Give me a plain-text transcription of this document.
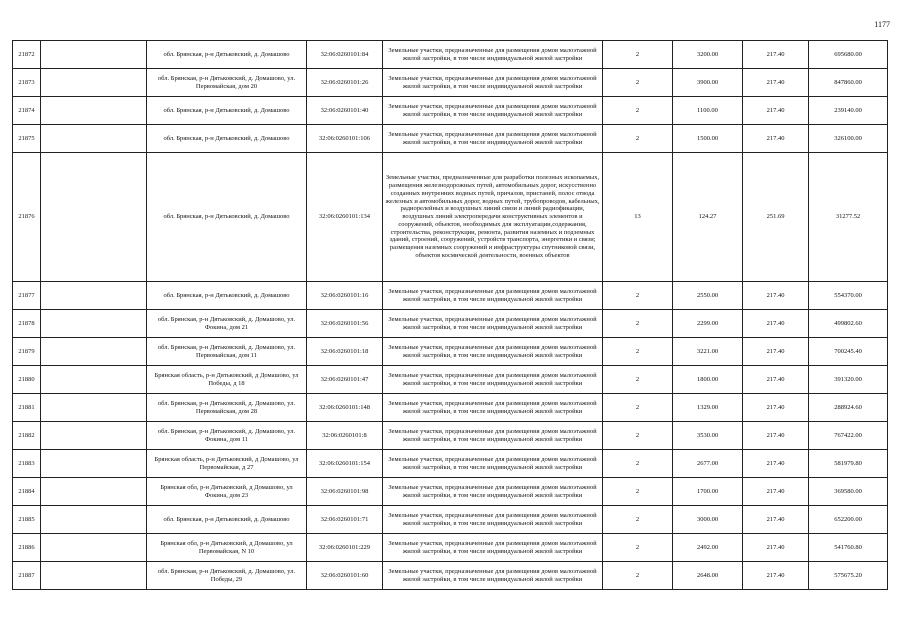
1177
21872		обл. Брянская, р-н Дятьковский, д. Домашово	32:06:0260101:84	Земельные участки, предназначенные для размещения домов малоэтажной жилой застройки, в том числе индивидуальной жилой застройки	2	3200.00	217.40	695680.00
21873		обл. Брянская, р-н Дятьковский, д. Домашово, ул. Первомайская, дом 20	32:06:0260101:26	Земельные участки, предназначенные для размещения домов малоэтажной жилой застройки, в том числе индивидуальной жилой застройки	2	3900.00	217.40	847860.00
21874		обл. Брянская, р-н Дятьковский, д. Домашово	32:06:0260101:40	Земельные участки, предназначенные для размещения домов малоэтажной жилой застройки, в том числе индивидуальной жилой застройки	2	1100.00	217.40	239140.00
21875		обл. Брянская, р-н Дятьковский, д. Домашово	32:06:0260101:106	Земельные участки, предназначенные для размещения домов малоэтажной жилой застройки, в том числе индивидуальной жилой застройки	2	1500.00	217.40	326100.00
21876		обл. Брянская, р-н Дятьковский, д. Домашово	32:06:0260101:134	Земельные участки, предназначенные для разработки полезных ископаемых, размещения железнодорожных путей, автомобильных дорог, искусственно созданных внутренних водных путей, причалов, пристаней, полос отвода железных и автомобильных дорог, водных путей, трубопроводов, кабельных, радиорелейных и воздушных линий связи и линий радиофикации, воздушных линий электропередачи конструктивных элементов и сооружений, объектов, необходимых для эксплуатации,содержания, строительства, реконструкции, ремонта, развития наземных и подземных зданий, строений, сооружений, устройств транспорта, энергетики и связи; размещения наземных сооружений и инфраструктуры спутниковой связи, объектов космической деятельности, военных объектов	13	124.27	251.69	31277.52
21877		обл. Брянская, р-н Дятьковский, д. Домашово	32:06:0260101:16	Земельные участки, предназначенные для размещения домов малоэтажной жилой застройки, в том числе индивидуальной жилой застройки	2	2550.00	217.40	554370.00
21878		обл. Брянская, р-н Дятьковский, д. Домашово, ул. Фокина, дом 21	32:06:0260101:56	Земельные участки, предназначенные для размещения домов малоэтажной жилой застройки, в том числе индивидуальной жилой застройки	2	2299.00	217.40	499802.60
21879		обл. Брянская, р-н Дятьковский, д. Домашово, ул. Первомайская, дом 11	32:06:0260101:18	Земельные участки, предназначенные для размещения домов малоэтажной жилой застройки, в том числе индивидуальной жилой застройки	2	3221.00	217.40	700245.40
21880		Брянская область, р-н Дятьковский, д Домашово, ул Победы, д 18	32:06:0260101:47	Земельные участки, предназначенные для размещения домов малоэтажной жилой застройки, в том числе индивидуальной жилой застройки	2	1800.00	217.40	391320.00
21881		обл. Брянская, р-н Дятьковский, д. Домашово, ул. Первомайская, дом 28	32:06:0260101:148	Земельные участки, предназначенные для размещения домов малоэтажной жилой застройки, в том числе индивидуальной жилой застройки	2	1329.00	217.40	288924.60
21882		обл. Брянская, р-н Дятьковский, д. Домашово, ул. Фокина, дом 11	32:06:0260101:8	Земельные участки, предназначенные для размещения домов малоэтажной жилой застройки, в том числе индивидуальной жилой застройки	2	3530.00	217.40	767422.00
21883		Брянская область, р-н Дятьковский, д Домашово, ул Первомайская, д 27	32:06:0260101:154	Земельные участки, предназначенные для размещения домов малоэтажной жилой застройки, в том числе индивидуальной жилой застройки	2	2677.00	217.40	581979.80
21884		Брянская обл, р-н Дятьковский, д Домашово, ул Фокина, дом 23	32:06:0260101:98	Земельные участки, предназначенные для размещения домов малоэтажной жилой застройки, в том числе индивидуальной жилой застройки	2	1700.00	217.40	369580.00
21885		обл. Брянская, р-н Дятьковский, д. Домашово	32:06:0260101:71	Земельные участки, предназначенные для размещения домов малоэтажной жилой застройки, в том числе индивидуальной жилой застройки	2	3000.00	217.40	652200.00
21886		Брянская обл, р-н Дятьковский, д Домашово, ул Первомайская, N 10	32:06:0260101:229	Земельные участки, предназначенные для размещения домов малоэтажной жилой застройки, в том числе индивидуальной жилой застройки	2	2492.00	217.40	541760.80
21887		обл. Брянская, р-н Дятьковский, д. Домашово, ул. Победы, 29	32:06:0260101:60	Земельные участки, предназначенные для размещения домов малоэтажной жилой застройки, в том числе индивидуальной жилой застройки	2	2648.00	217.40	575675.20
